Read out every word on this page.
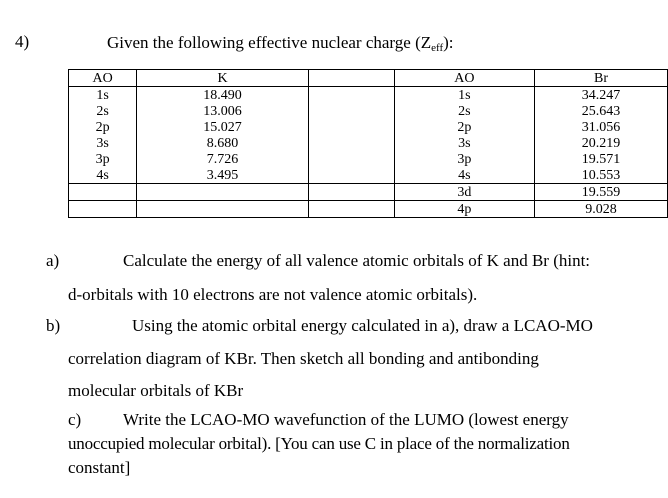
4)	Given the following effective nuclear charge $(Z_{eff})$:
AO	K		AO	Br
1s	18.490		1s	34.247
2s	13.006		2s	25.643
2p	15.027		2p	31.056
3s	8.680		3s	20.219
3p	7.726		3p	19.571
4s	3.495		4s	10.553
			3d	19.559
			4p	9.028
a)	Calculate the energy of all valence atomic orbitals of K and Br (hint:
d-orbitals with 10 electrons are not valence atomic orbitals).
b)	Using the atomic orbital energy calculated in a), draw a LCAO-MO
correlation diagram of KBr. Then sketch all bonding and antibonding
molecular orbitals of KBr
c) Write the LCAO-MO wavefunction of the LUMO (lowest energy
unoccupied molecular orbital). [You can use C in place of the normalization
constant]
